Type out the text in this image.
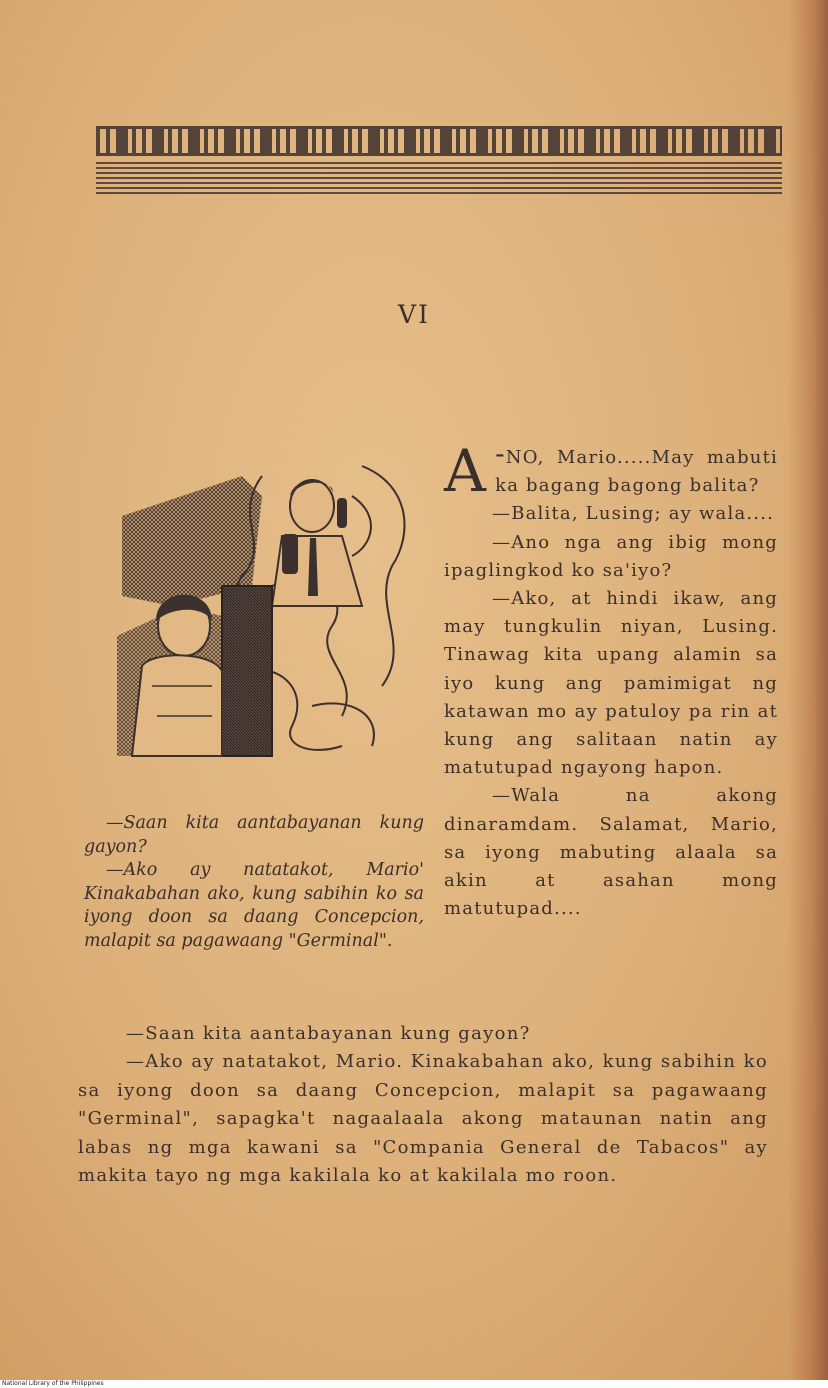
VI

—Saan kita aantabayanan kung gayon?

—Ako ay natatakot, Mario' Kinakabahan ako, kung sabihin ko sa iyong doon sa daang Concepcion, malapit sa pagawaang "Germinal".

-
A NO, Mario.....May mabuti ka bagang bagong balita?

—Balita, Lusing; ay wala....

—Ano nga ang ibig mong ipaglingkod ko sa'iyo?

—Ako, at hindi ikaw, ang may tungkulin niyan, Lusing. Tinawag kita upang alamin sa iyo kung ang pamimigat ng katawan mo ay patuloy pa rin at kung ang salitaan natin ay matutupad ngayong hapon.

—Wala na akong dinaramdam. Salamat, Mario, sa iyong mabuting alaala sa akin at asahan mong matutupad....

—Saan kita aantabayanan kung gayon?

—Ako ay natatakot, Mario. Kinakabahan ako, kung sabihin ko sa iyong doon sa daang Concepcion, malapit sa pagawaang "Germinal", sapagka't nagaalaala akong mataunan natin ang labas ng mga kawani sa "Compania General de Tabacos" ay makita tayo ng mga kakilala ko at kakilala mo roon.

National Library of the Philippines
